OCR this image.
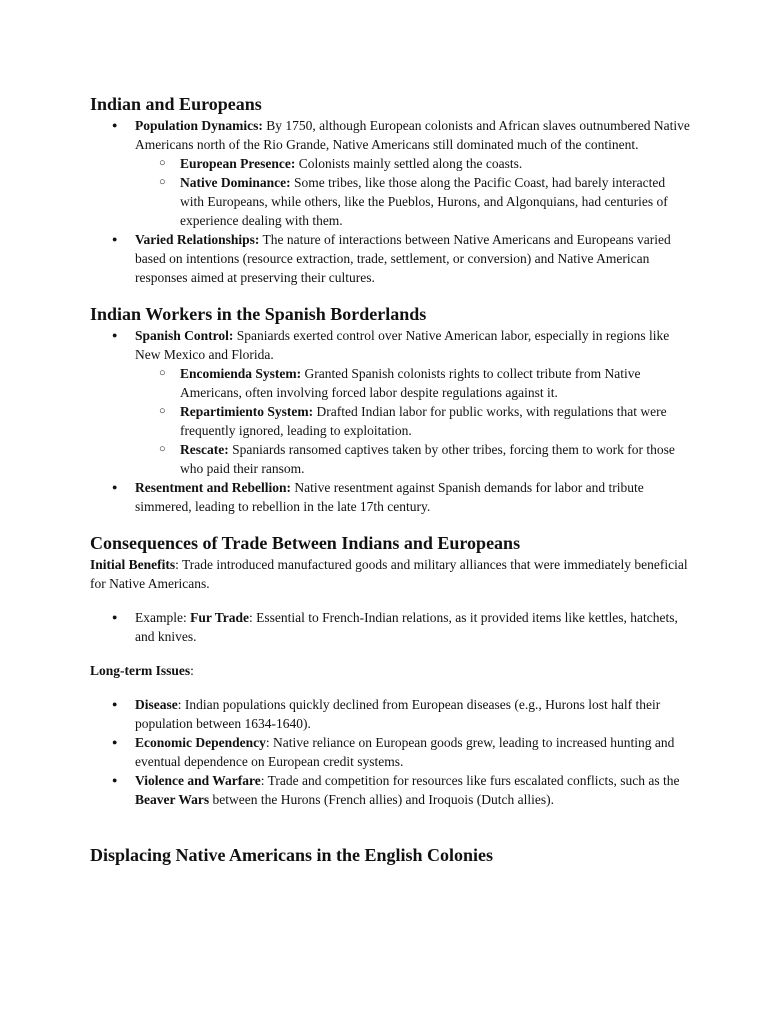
Indian and Europeans
● Population Dynamics: By 1750, although European colonists and African slaves outnumbered Native Americans north of the Rio Grande, Native Americans still dominated much of the continent.
○ European Presence: Colonists mainly settled along the coasts.
○ Native Dominance: Some tribes, like those along the Pacific Coast, had barely interacted with Europeans, while others, like the Pueblos, Hurons, and Algonquians, had centuries of experience dealing with them.
● Varied Relationships: The nature of interactions between Native Americans and Europeans varied based on intentions (resource extraction, trade, settlement, or conversion) and Native American responses aimed at preserving their cultures.
Indian Workers in the Spanish Borderlands
● Spanish Control: Spaniards exerted control over Native American labor, especially in regions like New Mexico and Florida.
○ Encomienda System: Granted Spanish colonists rights to collect tribute from Native Americans, often involving forced labor despite regulations against it.
○ Repartimiento System: Drafted Indian labor for public works, with regulations that were frequently ignored, leading to exploitation.
○ Rescate: Spaniards ransomed captives taken by other tribes, forcing them to work for those who paid their ransom.
● Resentment and Rebellion: Native resentment against Spanish demands for labor and tribute simmered, leading to rebellion in the late 17th century.
Consequences of Trade Between Indians and Europeans

Initial Benefits: Trade introduced manufactured goods and military alliances that were immediately beneficial for Native Americans.

● Example: Fur Trade: Essential to French-Indian relations, as it provided items like kettles, hatchets, and knives.

Long-term Issues:

● Disease: Indian populations quickly declined from European diseases (e.g., Hurons lost half their population between 1634-1640).
● Economic Dependency: Native reliance on European goods grew, leading to increased hunting and eventual dependence on European credit systems.
● Violence and Warfare: Trade and competition for resources like furs escalated conflicts, such as the Beaver Wars between the Hurons (French allies) and Iroquois (Dutch allies).
Displacing Native Americans in the English Colonies
